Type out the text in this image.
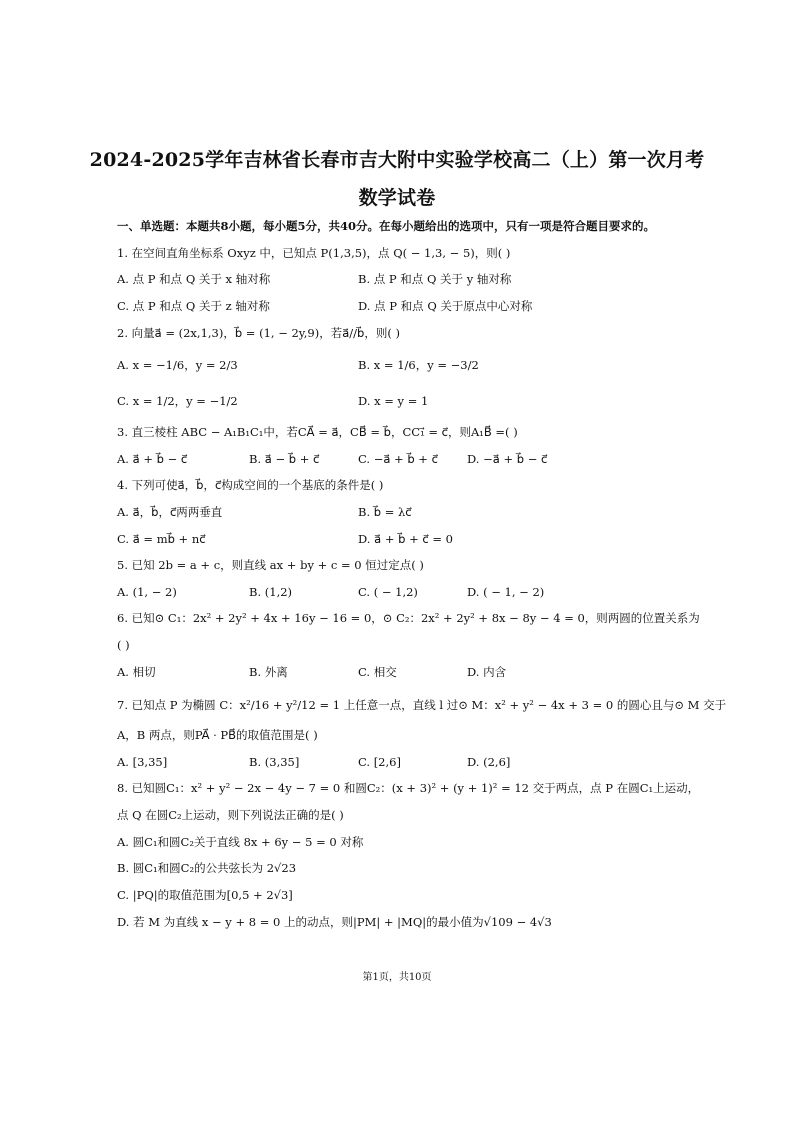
2024-2025学年吉林省长春市吉大附中实验学校高二（上）第一次月考
数学试卷
一、单选题：本题共8小题，每小题5分，共40分。在每小题给出的选项中，只有一项是符合题目要求的。
1. 在空间直角坐标系 Oxyz 中，已知点 P(1,3,5)，点 Q( − 1,3, − 5)，则( )
A. 点 P 和点 Q 关于 x 轴对称	B. 点 P 和点 Q 关于 y 轴对称
C. 点 P 和点 Q 关于 z 轴对称	D. 点 P 和点 Q 关于原点中心对称
2. 向量a⃗ = (2x,1,3)，b⃗ = (1, − 2y,9)，若a⃗//b⃗，则( )
A. x = −1/6，y = 2/3	B. x = 1/6，y = −3/2
C. x = 1/2，y = −1/2	D. x = y = 1
3. 直三棱柱 ABC − A₁B₁C₁中，若CA⃗ = a⃗，CB⃗ = b⃗，CC₁⃗ = c⃗，则A₁B⃗ =( )
A. a⃗ + b⃗ − c⃗	B. a⃗ − b⃗ + c⃗	C. −a⃗ + b⃗ + c⃗	D. −a⃗ + b⃗ − c⃗
4. 下列可使a⃗，b⃗，c⃗构成空间的一个基底的条件是( )
A. a⃗，b⃗，c⃗两两垂直	B. b⃗ = λc⃗
C. a⃗ = mb⃗ + nc⃗	D. a⃗ + b⃗ + c⃗ = 0
5. 已知 2b = a + c，则直线 ax + by + c = 0 恒过定点( )
A. (1, − 2)	B. (1,2)	C. ( − 1,2)	D. ( − 1, − 2)
6. 已知⊙ C₁：2x² + 2y² + 4x + 16y − 16 = 0，⊙ C₂：2x² + 2y² + 8x − 8y − 4 = 0，则两圆的位置关系为
( )
A. 相切	B. 外离	C. 相交	D. 内含
7. 已知点 P 为椭圆 C：x²/16 + y²/12 = 1 上任意一点，直线 l 过⊙ M：x² + y² − 4x + 3 = 0 的圆心且与⊙ M 交于
A，B 两点，则PA⃗ · PB⃗的取值范围是( )
A. [3,35]	B. (3,35]	C. [2,6]	D. (2,6]
8. 已知圆C₁：x² + y² − 2x − 4y − 7 = 0 和圆C₂：(x + 3)² + (y + 1)² = 12 交于两点，点 P 在圆C₁上运动，
点 Q 在圆C₂上运动，则下列说法正确的是( )
A. 圆C₁和圆C₂关于直线 8x + 6y − 5 = 0 对称
B. 圆C₁和圆C₂的公共弦长为 2√23
C. |PQ|的取值范围为[0,5 + 2√3]
D. 若 M 为直线 x − y + 8 = 0 上的动点，则|PM| + |MQ|的最小值为√109 − 4√3
第1页，共10页
